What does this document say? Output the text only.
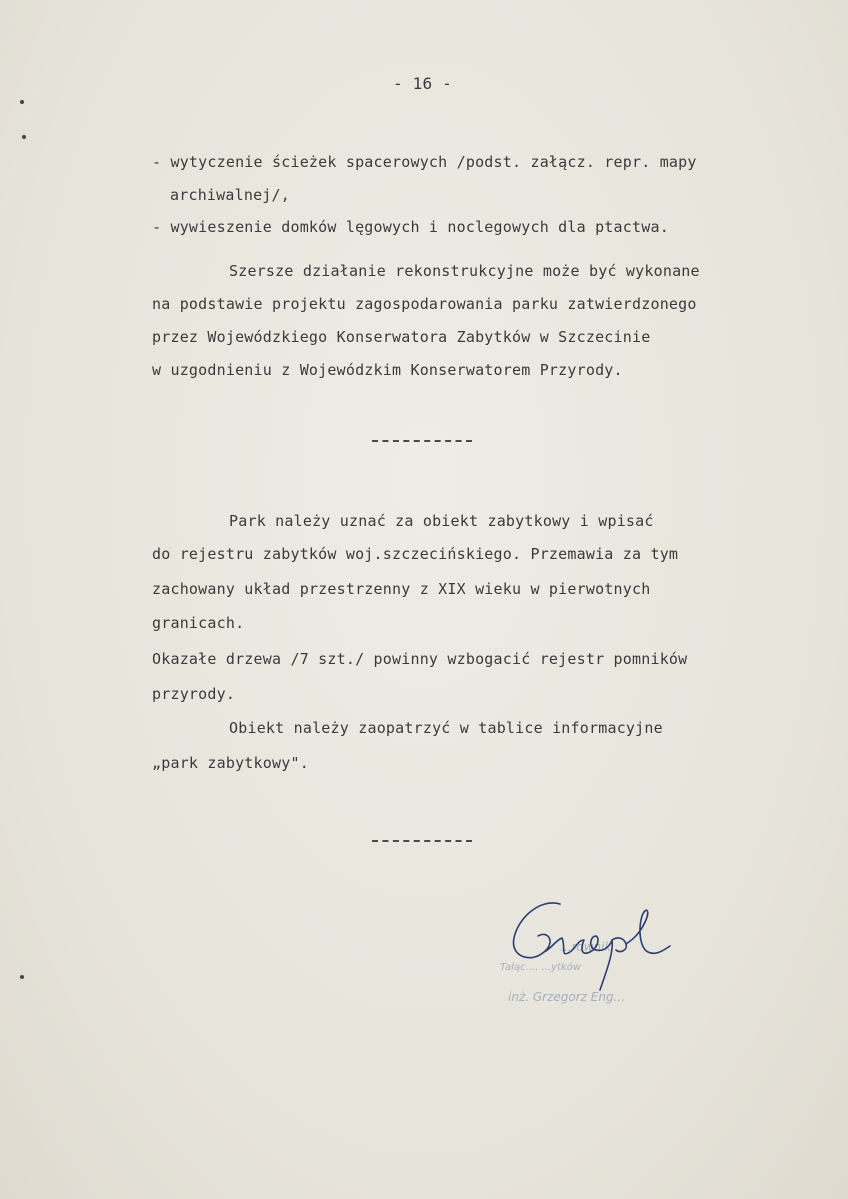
- 16 -
- wytyczenie ścieżek spacerowych /podst. załącz. repr. mapy
archiwalnej/,
- wywieszenie domków lęgowych i noclegowych dla ptactwa.
Szersze działanie rekonstrukcyjne może być wykonane
na podstawie projektu zagospodarowania parku zatwierdzonego
przez Wojewódzkiego Konserwatora Zabytków w Szczecinie
w uzgodnieniu z Wojewódzkim Konserwatorem Przyrody.
Park należy uznać za obiekt zabytkowy i wpisać
do rejestru zabytków woj.szczecińskiego. Przemawia za tym
zachowany układ przestrzenny z XIX wieku w pierwotnych
granicach.
Okazałe drzewa /7 szt./ powinny wzbogacić rejestr pomników
przyrody.
Obiekt należy zaopatrzyć w tablice informacyjne
„park zabytkowy".
...rownik
Tałąc.... ...ytków
inż. Grzegorz Eng...
